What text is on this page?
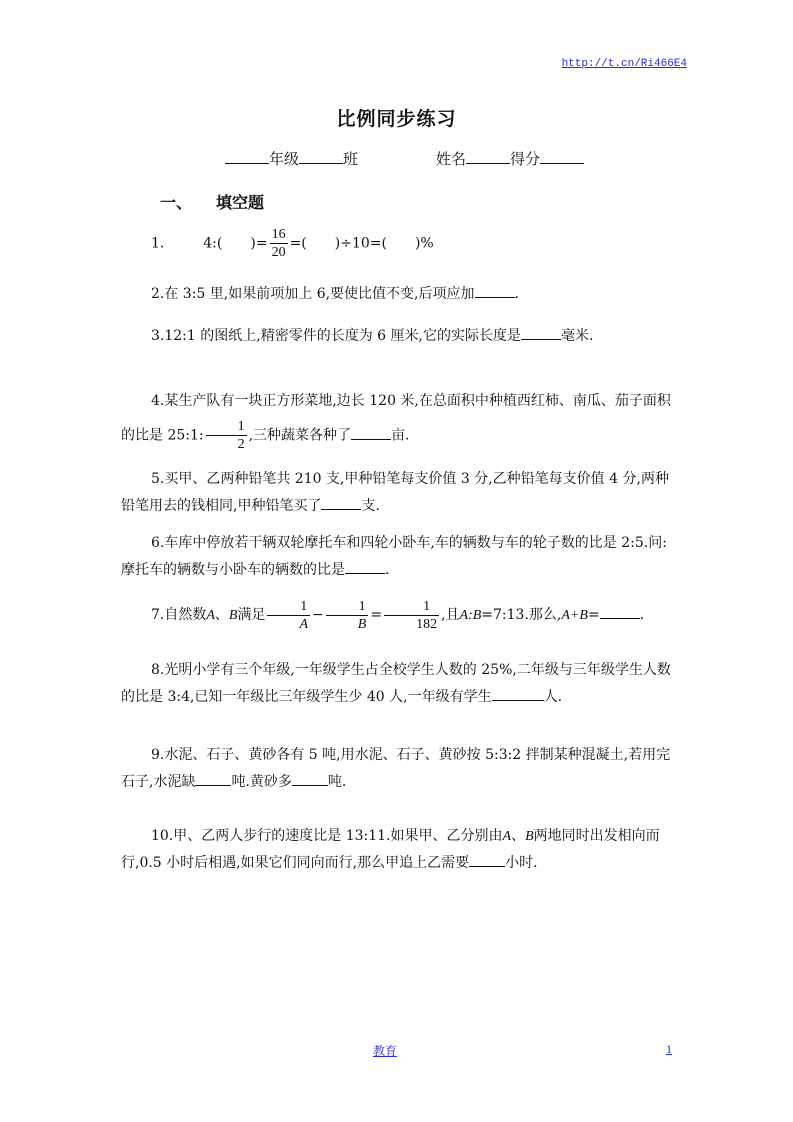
http://t.cn/Ri466E4
比例同步练习
年级	班	姓名	得分
一、 填空题
1.	4:( )= $\frac{16}{20}$ =( )÷10=( )%

2.在 3:5 里,如果前项加上 6,要使比值不变,后项应加	.

3.12:1 的图纸上,精密零件的长度为 6 厘米,它的实际长度是	毫米.

4.某生产队有一块正方形菜地,边长 120 米,在总面积中种植西红柿、南瓜、茄子面积的比是 25:1: $\frac{1}{2}$ ,三种蔬菜各种了	亩.

5.买甲、乙两种铅笔共 210 支,甲种铅笔每支价值 3 分,乙种铅笔每支价值 4 分,两种铅笔用去的钱相同,甲种铅笔买了	支.

6.车库中停放若干辆双轮摩托车和四轮小卧车,车的辆数与车的轮子数的比是 2:5.问:摩托车的辆数与小卧车的辆数的比是	.

7.自然数A、B满足 $\frac{1}{A} - \frac{1}{B} = \frac{1}{182}$ ,且A:B=7:13.那么,A+B=	.

8.光明小学有三个年级,一年级学生占全校学生人数的 25%,二年级与三年级学生人数的比是 3:4,已知一年级比三年级学生少 40 人,一年级有学生	人.

9.水泥、石子、黄砂各有 5 吨,用水泥、石子、黄砂按 5:3:2 拌制某种混凝土,若用完石子,水泥缺	吨.黄砂多	吨.

10.甲、乙两人步行的速度比是 13:11.如果甲、乙分别由A、B两地同时出发相向而行,0.5 小时后相遇,如果它们同向而行,那么甲追上乙需要	小时.

教育	1
